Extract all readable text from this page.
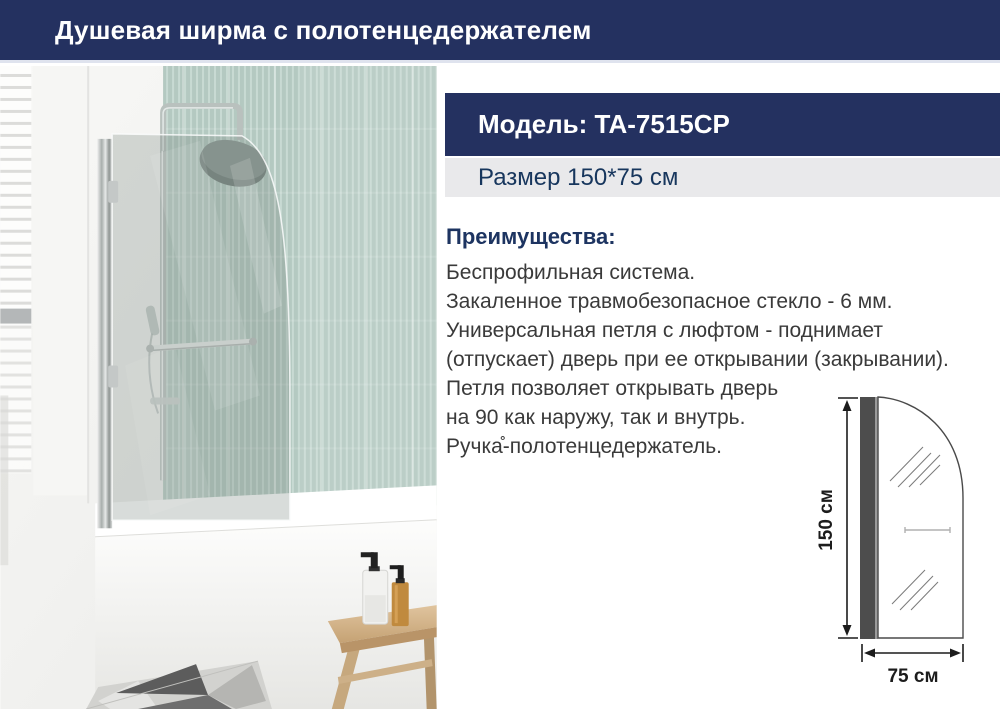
Душевая ширма с полотенцедержателем
Модель: TA-7515CP
Размер 150*75 см
Преимущества:
Беспрофильная система.
Закаленное травмобезопасное стекло - 6 мм.
Универсальная петля с люфтом - поднимает
(отпускает) дверь при ее открывании (закрывании).
Петля позволяет открывать дверь
на 90 как наружу, так и внутрь.
Ручка̊-полотенцедержатель.
150 см
75 см
